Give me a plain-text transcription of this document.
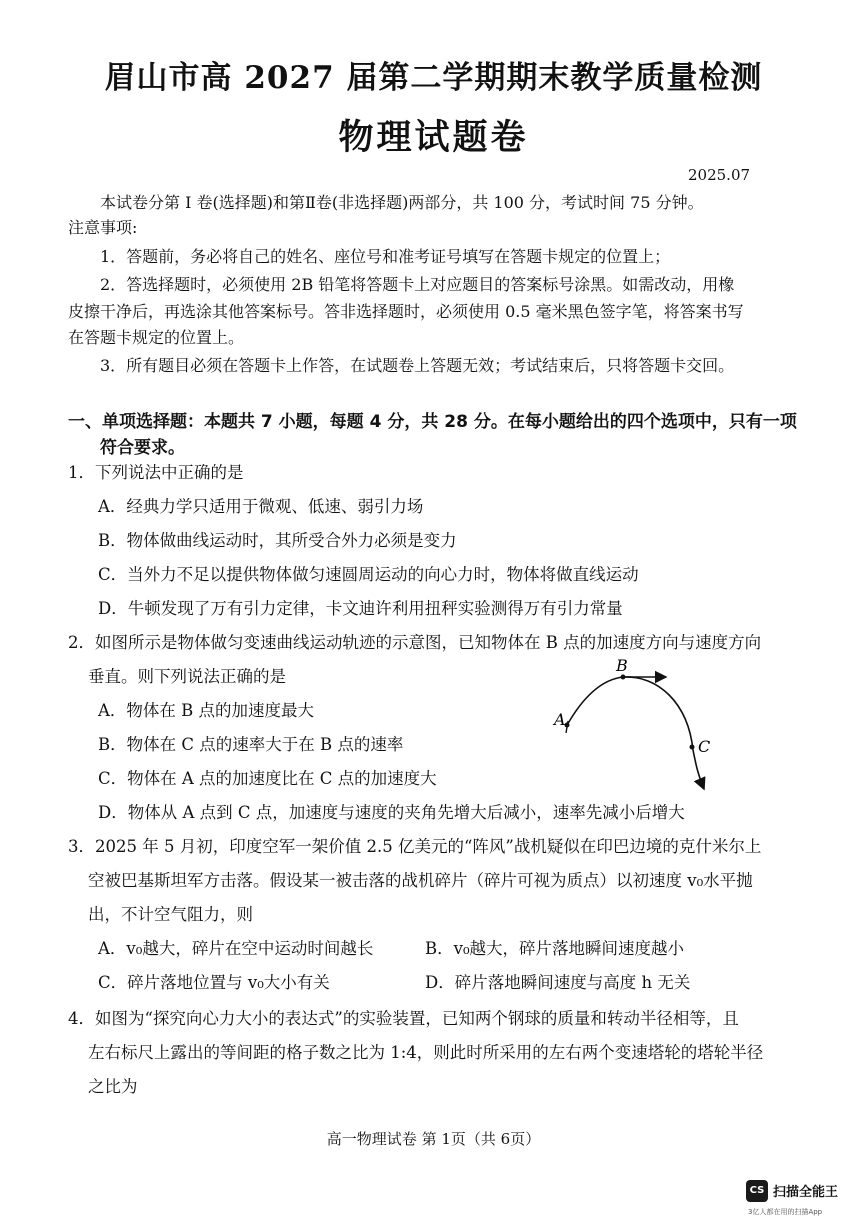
眉山市高 2027 届第二学期期末教学质量检测
物理试题卷
2025.07
本试卷分第 I 卷(选择题)和第Ⅱ卷(非选择题)两部分，共 100 分，考试时间 75 分钟。
注意事项:
1．答题前，务必将自己的姓名、座位号和准考证号填写在答题卡规定的位置上；
2．答选择题时，必须使用 2B 铅笔将答题卡上对应题目的答案标号涂黑。如需改动，用橡
皮擦干净后，再选涂其他答案标号。答非选择题时，必须使用 0.5 毫米黑色签字笔，将答案书写
在答题卡规定的位置上。
3．所有题目必须在答题卡上作答，在试题卷上答题无效；考试结束后，只将答题卡交回。
一、单项选择题：本题共 7 小题，每题 4 分，共 28 分。在每小题给出的四个选项中，只有一项
符合要求。
1．下列说法中正确的是
A．经典力学只适用于微观、低速、弱引力场
B．物体做曲线运动时，其所受合外力必须是变力
C．当外力不足以提供物体做匀速圆周运动的向心力时，物体将做直线运动
D．牛顿发现了万有引力定律，卡文迪许利用扭秤实验测得万有引力常量
2．如图所示是物体做匀变速曲线运动轨迹的示意图，已知物体在 B 点的加速度方向与速度方向
垂直。则下列说法正确的是
A．物体在 B 点的加速度最大
B．物体在 C 点的速率大于在 B 点的速率
C．物体在 A 点的加速度比在 C 点的加速度大
D．物体从 A 点到 C 点，加速度与速度的夹角先增大后减小，速率先减小后增大
A
B
C
3．2025 年 5 月初，印度空军一架价值 2.5 亿美元的“阵风”战机疑似在印巴边境的克什米尔上
空被巴基斯坦军方击落。假设某一被击落的战机碎片（碎片可视为质点）以初速度 v₀水平抛
出，不计空气阻力，则
A．v₀越大，碎片在空中运动时间越长	B．v₀越大，碎片落地瞬间速度越小
C．碎片落地位置与 v₀大小有关	D．碎片落地瞬间速度与高度 h 无关
4．如图为“探究向心力大小的表达式”的实验装置，已知两个钢球的质量和转动半径相等，且
左右标尺上露出的等间距的格子数之比为 1:4，则此时所采用的左右两个变速塔轮的塔轮半径
之比为
高一物理试卷 第 1页（共 6页）
CS 扫描全能王
3亿人都在用的扫描App
